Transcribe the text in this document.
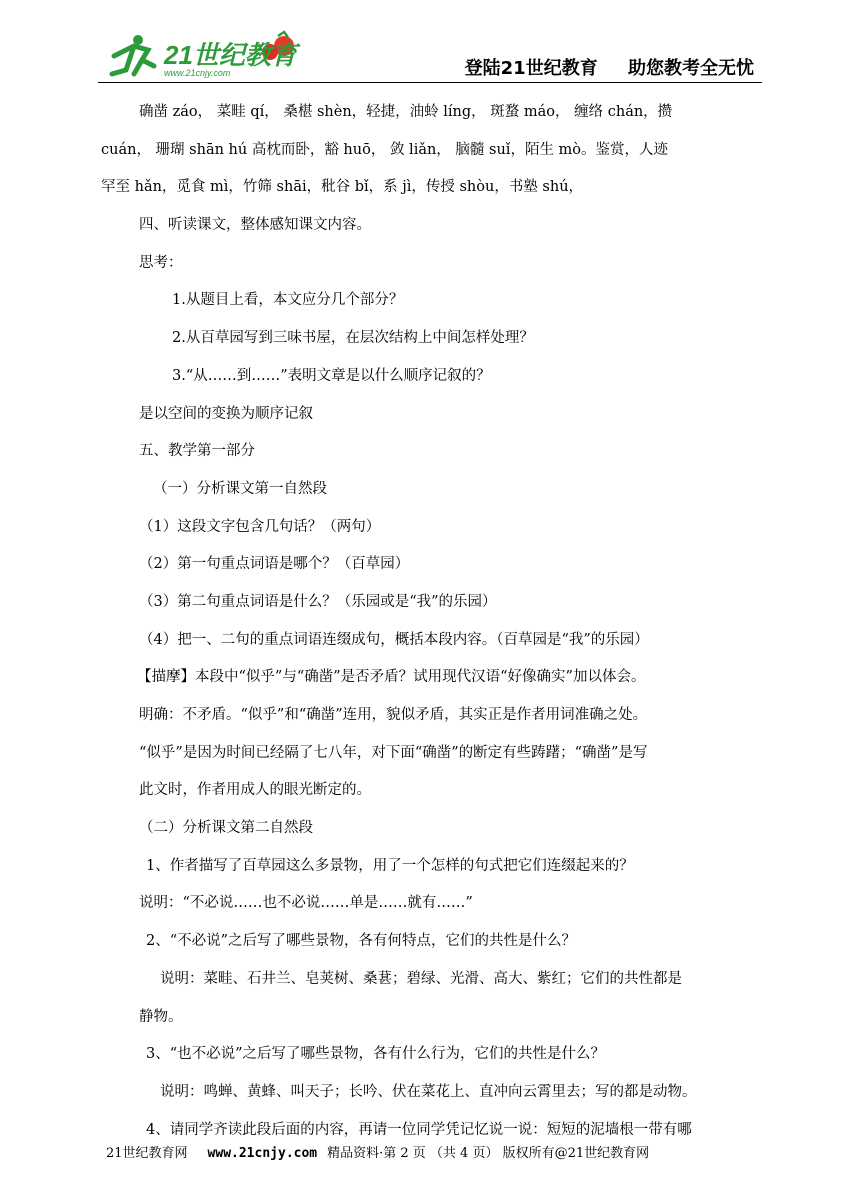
21世纪教育
www.21cnjy.com	登陆21世纪教育 助您教考全无忧

确凿 záo， 菜畦 qí， 桑椹 shèn，轻捷，油蛉 líng， 斑蝥 máo， 缠络 chán，攒

cuán， 珊瑚 shān hú 高枕而卧，豁 huō， 敛 liǎn， 脑髓 suǐ，陌生 mò。鉴赏，人迹

罕至 hǎn，觅食 mì，竹筛 shāi，秕谷 bǐ，系 jì，传授 shòu，书塾 shú，

四、听读课文，整体感知课文内容。

思考：

1.从题目上看，本文应分几个部分？

2.从百草园写到三味书屋，在层次结构上中间怎样处理？

3.“从……到……”表明文章是以什么顺序记叙的？

是以空间的变换为顺序记叙

五、教学第一部分

（一）分析课文第一自然段

（1）这段文字包含几句话？（两句）

（2）第一句重点词语是哪个？（百草园）

（3）第二句重点词语是什么？（乐园或是“我”的乐园）

（4）把一、二句的重点词语连缀成句，概括本段内容。（百草园是“我”的乐园）

【描摩】本段中“似乎”与“确凿”是否矛盾？试用现代汉语“好像确实”加以体会。

明确：不矛盾。“似乎”和“确凿”连用，貌似矛盾，其实正是作者用词准确之处。

“似乎”是因为时间已经隔了七八年，对下面“确凿”的断定有些踌躇；“确凿”是写

此文时，作者用成人的眼光断定的。

（二）分析课文第二自然段

1、作者描写了百草园这么多景物，用了一个怎样的句式把它们连缀起来的？

说明：“不必说……也不必说……单是……就有……”

2、“不必说”之后写了哪些景物，各有何特点，它们的共性是什么？

说明：菜畦、石井兰、皂荚树、桑葚；碧绿、光滑、高大、紫红；它们的共性都是

静物。

3、“也不必说”之后写了哪些景物，各有什么行为，它们的共性是什么？

说明：鸣蝉、黄蜂、叫天子；长吟、伏在菜花上、直冲向云霄里去；写的都是动物。

4、请同学齐读此段后面的内容，再请一位同学凭记忆说一说：短短的泥墙根一带有哪

21世纪教育网 www.21cnjy.com 精品资料·第 2 页 （共 4 页） 版权所有@21世纪教育网
